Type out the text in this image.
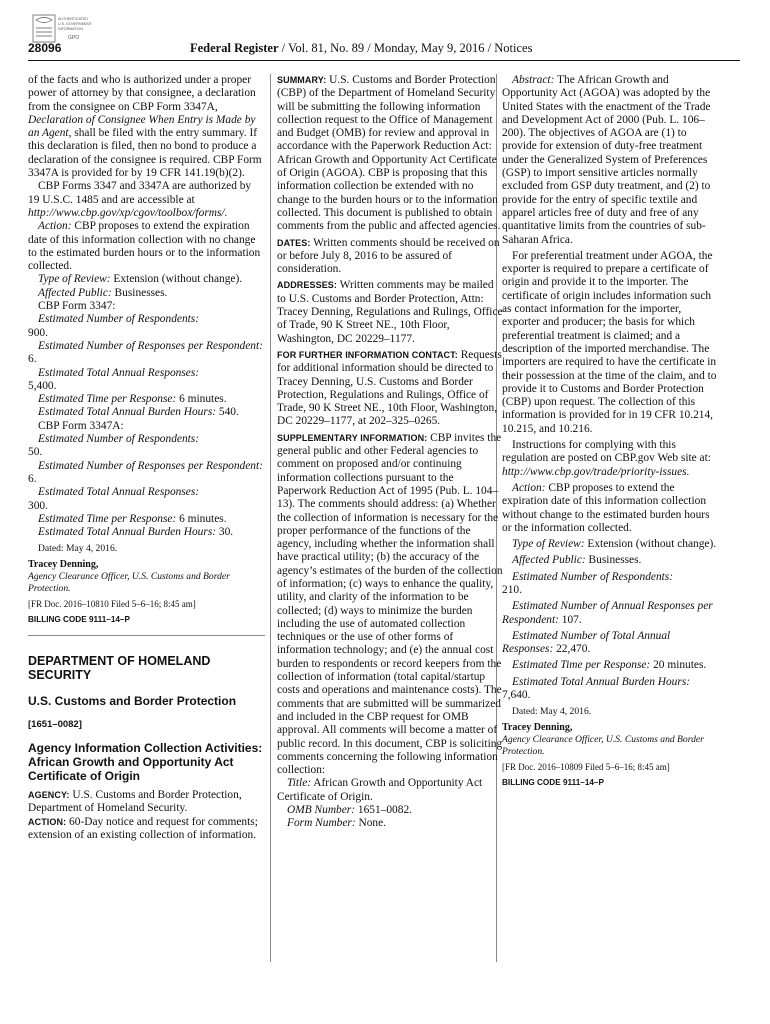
AUTHENTICATED
U.S. GOVERNMENT
INFORMATION
GPO
28096	Federal Register / Vol. 81, No. 89 / Monday, May 9, 2016 / Notices

of the facts and who is authorized under a proper power of attorney by that consignee, a declaration from the consignee on CBP Form 3347A, Declaration of Consignee When Entry is Made by an Agent, shall be filed with the entry summary. If this declaration is filed, then no bond to produce a declaration of the consignee is required. CBP Form 3347A is provided for by 19 CFR 141.19(b)(2).

CBP Forms 3347 and 3347A are authorized by 19 U.S.C. 1485 and are accessible at http://www.cbp.gov/xp/cgov/toolbox/forms/.

Action: CBP proposes to extend the expiration date of this information collection with no change to the estimated burden hours or to the information collected.

Type of Review: Extension (without change).

Affected Public: Businesses.

CBP Form 3347:

Estimated Number of Respondents:

900.

Estimated Number of Responses per Respondent: 6.

Estimated Total Annual Responses:

5,400.

Estimated Time per Response: 6 minutes.

Estimated Total Annual Burden Hours: 540.

CBP Form 3347A:

Estimated Number of Respondents:

50.

Estimated Number of Responses per Respondent: 6.

Estimated Total Annual Responses:

300.

Estimated Time per Response: 6 minutes.

Estimated Total Annual Burden Hours: 30.

Dated: May 4, 2016.

Tracey Denning,

Agency Clearance Officer, U.S. Customs and Border Protection.

[FR Doc. 2016–10810 Filed 5–6–16; 8:45 am]

BILLING CODE 9111–14–P

DEPARTMENT OF HOMELAND SECURITY

U.S. Customs and Border Protection

[1651–0082]

Agency Information Collection Activities: African Growth and Opportunity Act Certificate of Origin

AGENCY: U.S. Customs and Border Protection, Department of Homeland Security.

ACTION: 60-Day notice and request for comments; extension of an existing collection of information.

SUMMARY: U.S. Customs and Border Protection (CBP) of the Department of Homeland Security will be submitting the following information collection request to the Office of Management and Budget (OMB) for review and approval in accordance with the Paperwork Reduction Act: African Growth and Opportunity Act Certificate of Origin (AGOA). CBP is proposing that this information collection be extended with no change to the burden hours or to the information collected. This document is published to obtain comments from the public and affected agencies.

DATES: Written comments should be received on or before July 8, 2016 to be assured of consideration.

ADDRESSES: Written comments may be mailed to U.S. Customs and Border Protection, Attn: Tracey Denning, Regulations and Rulings, Office of Trade, 90 K Street NE., 10th Floor, Washington, DC 20229–1177.

FOR FURTHER INFORMATION CONTACT: Requests for additional information should be directed to Tracey Denning, U.S. Customs and Border Protection, Regulations and Rulings, Office of Trade, 90 K Street NE., 10th Floor, Washington, DC 20229–1177, at 202–325–0265.

SUPPLEMENTARY INFORMATION: CBP invites the general public and other Federal agencies to comment on proposed and/or continuing information collections pursuant to the Paperwork Reduction Act of 1995 (Pub. L. 104–13). The comments should address: (a) Whether the collection of information is necessary for the proper performance of the functions of the agency, including whether the information shall have practical utility; (b) the accuracy of the agency’s estimates of the burden of the collection of information; (c) ways to enhance the quality, utility, and clarity of the information to be collected; (d) ways to minimize the burden including the use of automated collection techniques or the use of other forms of information technology; and (e) the annual cost burden to respondents or record keepers from the collection of information (total capital/startup costs and operations and maintenance costs). The comments that are submitted will be summarized and included in the CBP request for OMB approval. All comments will become a matter of public record. In this document, CBP is soliciting comments concerning the following information collection:

Title: African Growth and Opportunity Act Certificate of Origin.

OMB Number: 1651–0082.

Form Number: None.

Abstract: The African Growth and Opportunity Act (AGOA) was adopted by the United States with the enactment of the Trade and Development Act of 2000 (Pub. L. 106–200). The objectives of AGOA are (1) to provide for extension of duty-free treatment under the Generalized System of Preferences (GSP) to import sensitive articles normally excluded from GSP duty treatment, and (2) to provide for the entry of specific textile and apparel articles free of duty and free of any quantitative limits from the countries of sub-Saharan Africa.

For preferential treatment under AGOA, the exporter is required to prepare a certificate of origin and provide it to the importer. The certificate of origin includes information such as contact information for the importer, exporter and producer; the basis for which preferential treatment is claimed; and a description of the imported merchandise. The importers are required to have the certificate in their possession at the time of the claim, and to provide it to Customs and Border Protection (CBP) upon request. The collection of this information is provided for in 19 CFR 10.214, 10.215, and 10.216.

Instructions for complying with this regulation are posted on CBP.gov Web site at: http://www.cbp.gov/trade/priority-issues.

Action: CBP proposes to extend the expiration date of this information collection without change to the estimated burden hours or the information collected.

Type of Review: Extension (without change).

Affected Public: Businesses.

Estimated Number of Respondents:

210.

Estimated Number of Annual Responses per Respondent: 107.

Estimated Number of Total Annual Responses: 22,470.

Estimated Time per Response: 20 minutes.

Estimated Total Annual Burden Hours: 7,640.

Dated: May 4, 2016.

Tracey Denning,

Agency Clearance Officer, U.S. Customs and Border Protection.

[FR Doc. 2016–10809 Filed 5–6–16; 8:45 am]

BILLING CODE 9111–14–P
